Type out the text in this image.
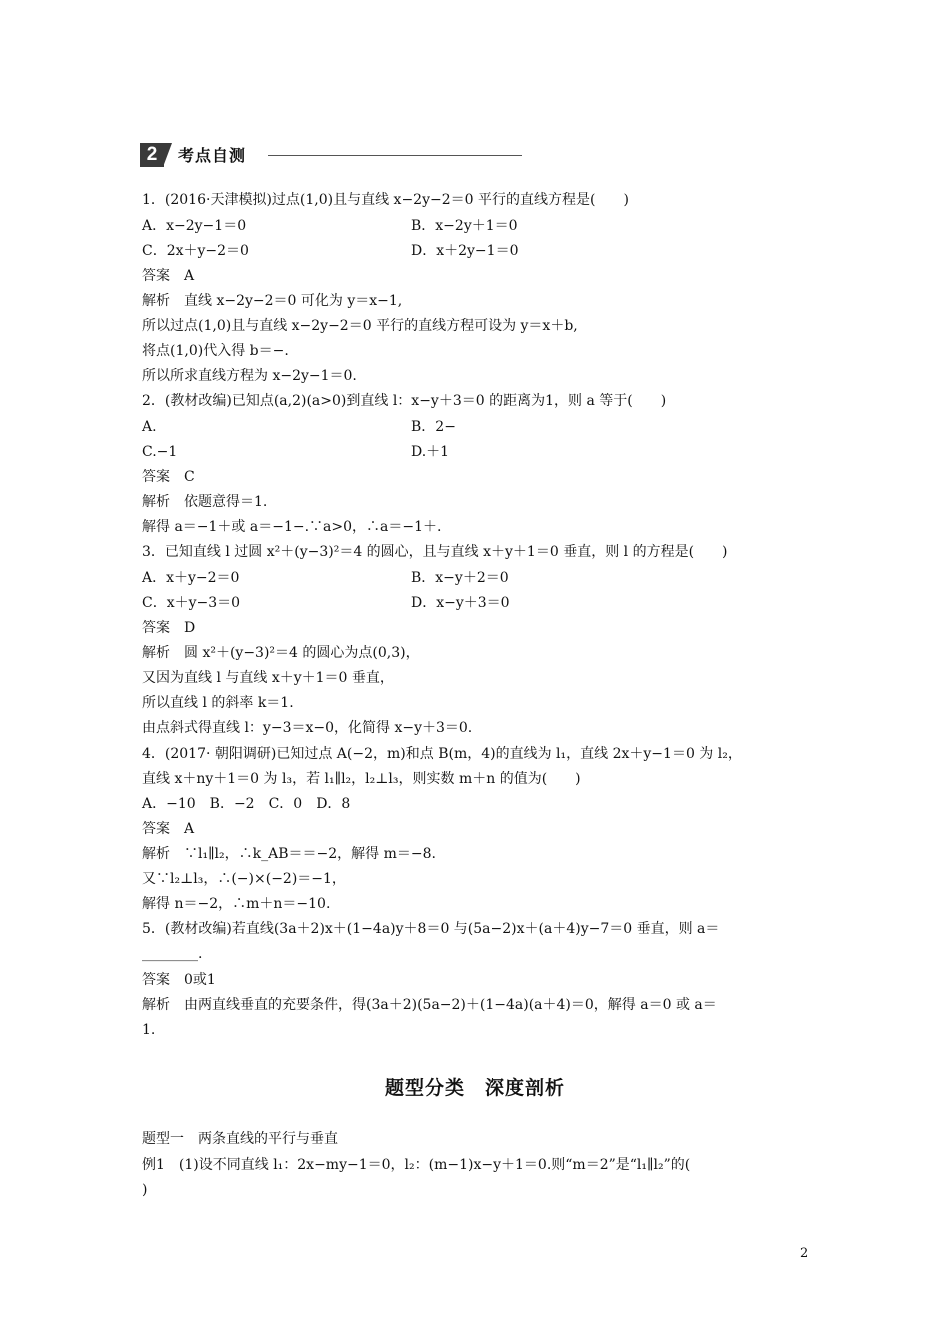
2	考点自测
1．(2016·天津模拟)过点(1,0)且与直线 x−2y−2＝0 平行的直线方程是(　　)
A．x−2y−1＝0	B．x−2y＋1＝0
C．2x＋y−2＝0	D．x＋2y−1＝0
答案　A
解析　直线 x−2y−2＝0 可化为 y＝x−1,
所以过点(1,0)且与直线 x−2y−2＝0 平行的直线方程可设为 y＝x＋b,
将点(1,0)代入得 b＝−.
所以所求直线方程为 x−2y−1＝0.
2．(教材改编)已知点(a,2)(a>0)到直线 l：x−y＋3＝0 的距离为1，则 a 等于(　　)
A.	B．2−
C.−1	D.＋1
答案　C
解析　依题意得＝1.
解得 a＝−1＋或 a＝−1−.∵a>0，∴a＝−1＋.
3．已知直线 l 过圆 x²＋(y−3)²＝4 的圆心，且与直线 x＋y＋1＝0 垂直，则 l 的方程是(　　)
A．x＋y−2＝0	B．x−y＋2＝0
C．x＋y−3＝0	D．x−y＋3＝0
答案　D
解析　圆 x²＋(y−3)²＝4 的圆心为点(0,3)，
又因为直线 l 与直线 x＋y＋1＝0 垂直，
所以直线 l 的斜率 k＝1.
由点斜式得直线 l：y−3＝x−0，化简得 x−y＋3＝0.
4．(2017· 朝阳调研)已知过点 A(−2，m)和点 B(m，4)的直线为 l₁，直线 2x＋y−1＝0 为 l₂，
直线 x＋ny＋1＝0 为 l₃，若 l₁∥l₂，l₂⊥l₃，则实数 m＋n 的值为(　　)
A．−10　B．−2　C．0　D．8
答案　A
解析　∵l₁∥l₂，∴k_AB＝＝−2，解得 m＝−8.
又∵l₂⊥l₃，∴(−)×(−2)＝−1，
解得 n＝−2，∴m＋n＝−10.
5．(教材改编)若直线(3a＋2)x＋(1−4a)y＋8＝0 与(5a−2)x＋(a＋4)y−7＝0 垂直，则 a＝
________.
答案　0或1
解析　由两直线垂直的充要条件，得(3a＋2)(5a−2)＋(1−4a)(a＋4)＝0，解得 a＝0 或 a＝
1.
题型分类　深度剖析
题型一　两条直线的平行与垂直
例1　(1)设不同直线 l₁：2x−my−1＝0，l₂：(m−1)x−y＋1＝0.则“m＝2”是“l₁∥l₂”的(
)
2
